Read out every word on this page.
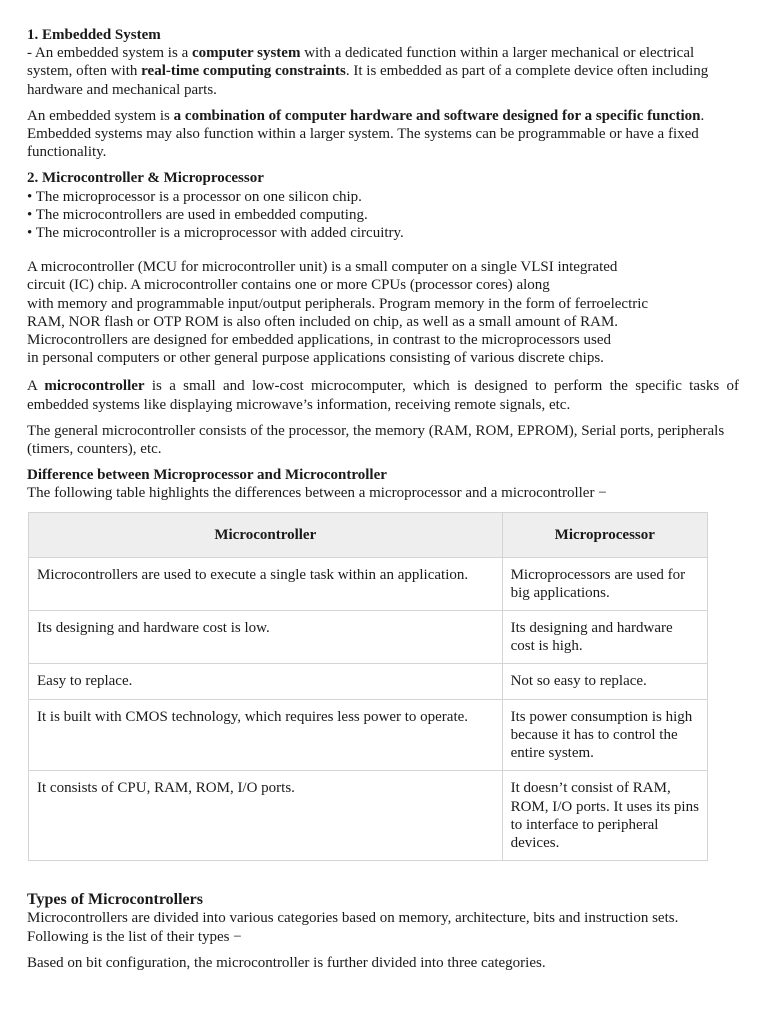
1. Embedded System

- An embedded system is a computer system with a dedicated function within a larger mechanical or electrical system, often with real-time computing constraints. It is embedded as part of a complete device often including hardware and mechanical parts.

An embedded system is a combination of computer hardware and software designed for a specific function. Embedded systems may also function within a larger system. The systems can be programmable or have a fixed functionality.

2. Microcontroller & Microprocessor

• The microprocessor is a processor on one silicon chip.
• The microcontrollers are used in embedded computing.
• The microcontroller is a microprocessor with added circuitry.
A microcontroller (MCU for microcontroller unit) is a small computer on a single VLSI integrated
circuit (IC) chip. A microcontroller contains one or more CPUs (processor cores) along
with memory and programmable input/output peripherals. Program memory in the form of ferroelectric
RAM, NOR flash or OTP ROM is also often included on chip, as well as a small amount of RAM.
Microcontrollers are designed for embedded applications, in contrast to the microprocessors used
in personal computers or other general purpose applications consisting of various discrete chips.

A microcontroller is a small and low-cost microcomputer, which is designed to perform the specific tasks of embedded systems like displaying microwave’s information, receiving remote signals, etc.

The general microcontroller consists of the processor, the memory (RAM, ROM, EPROM), Serial ports, peripherals (timers, counters), etc.

Difference between Microprocessor and Microcontroller

The following table highlights the differences between a microprocessor and a microcontroller −

Microcontroller	Microprocessor
Microcontrollers are used to execute a single task within an application.	Microprocessors are used for big applications.
Its designing and hardware cost is low.	Its designing and hardware cost is high.
Easy to replace.	Not so easy to replace.
It is built with CMOS technology, which requires less power to operate.	Its power consumption is high because it has to control the entire system.
It consists of CPU, RAM, ROM, I/O ports.	It doesn’t consist of RAM, ROM, I/O ports. It uses its pins to interface to peripheral devices.

Types of Microcontrollers

Microcontrollers are divided into various categories based on memory, architecture, bits and instruction sets. Following is the list of their types −

Based on bit configuration, the microcontroller is further divided into three categories.
